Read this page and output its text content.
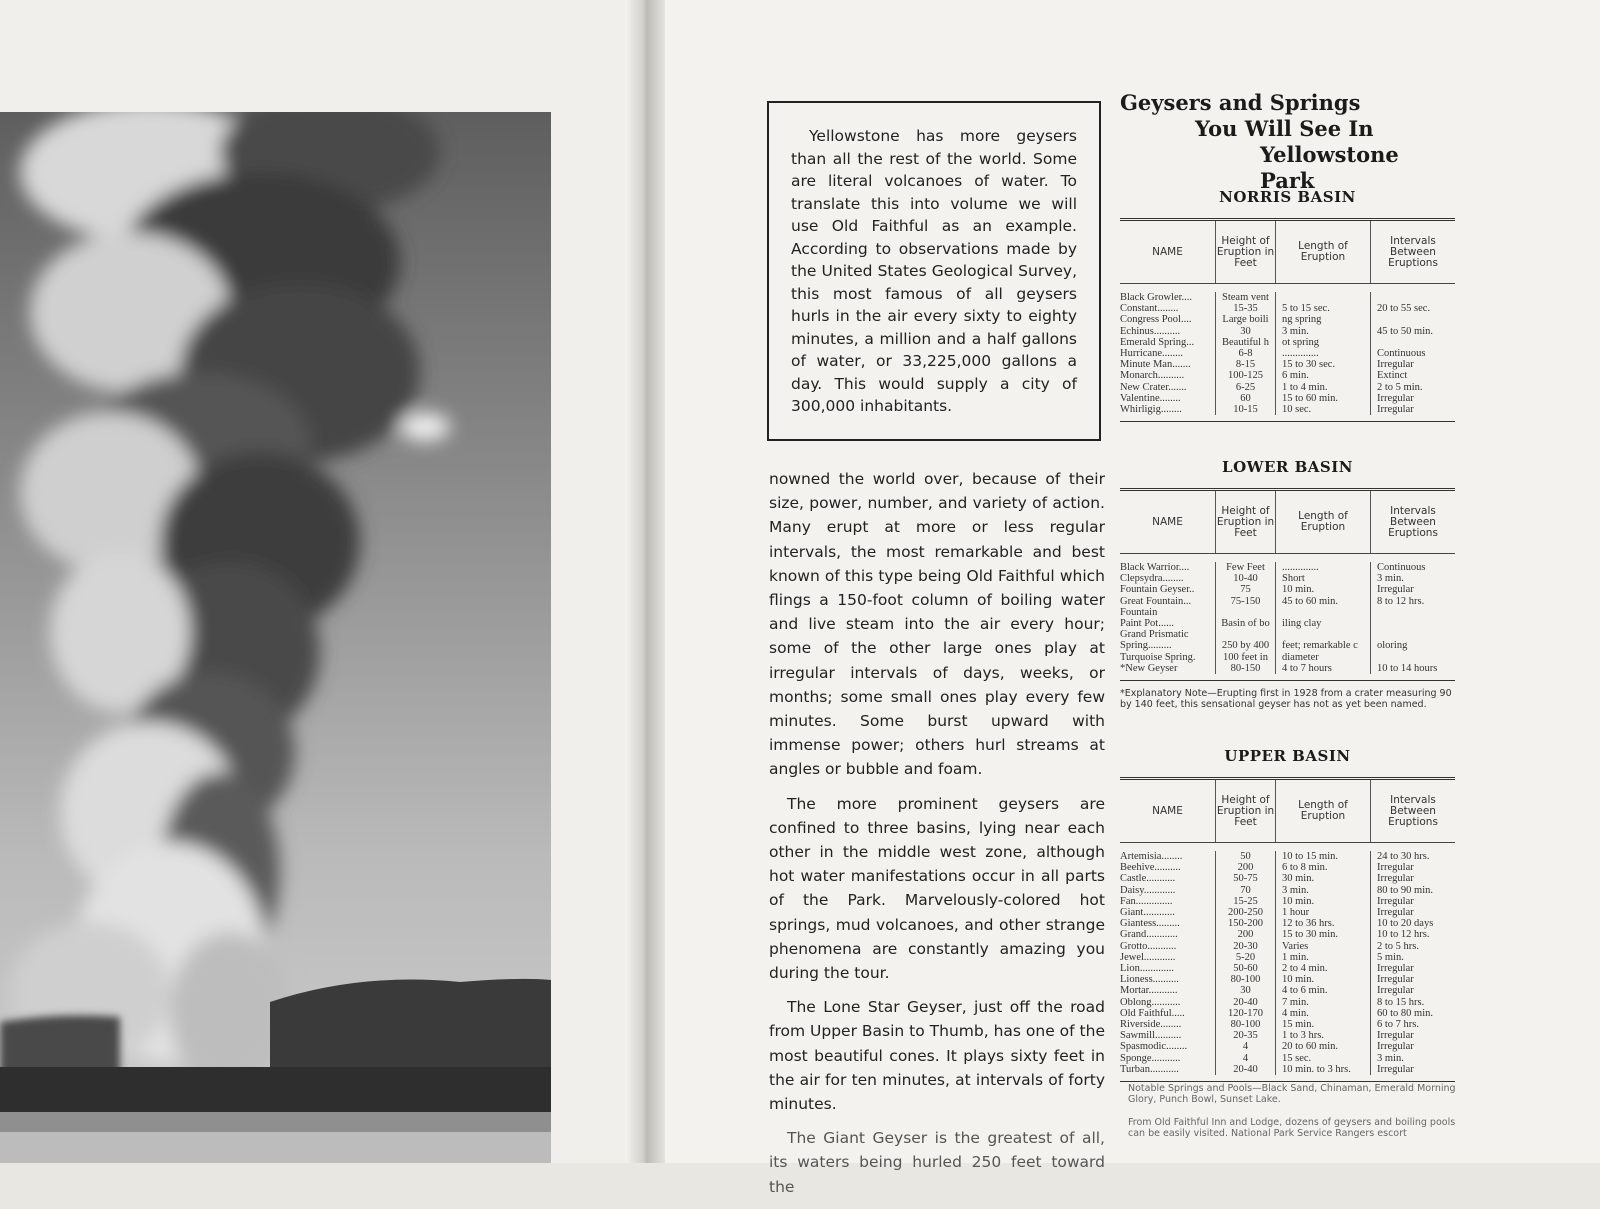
Yellowstone has more geysers than all the rest of the world. Some are literal volcanoes of water. To translate this into volume we will use Old Faithful as an example. According to observations made by the United States Geological Survey, this most famous of all geysers hurls in the air every sixty to eighty minutes, a million and a half gallons of water, or 33,225,000 gallons a day. This would supply a city of 300,000 inhabitants.

nowned the world over, because of their size, power, number, and variety of action. Many erupt at more or less regular intervals, the most remarkable and best known of this type being Old Faithful which flings a 150-foot column of boiling water and live steam into the air every hour; some of the other large ones play at irregular intervals of days, weeks, or months; some small ones play every few minutes. Some burst upward with immense power; others hurl streams at angles or bubble and foam.

The more prominent geysers are confined to three basins, lying near each other in the middle west zone, although hot water manifestations occur in all parts of the Park. Marvelously-colored hot springs, mud volcanoes, and other strange phenomena are constantly amazing you during the tour.

The Lone Star Geyser, just off the road from Upper Basin to Thumb, has one of the most beautiful cones. It plays sixty feet in the air for ten minutes, at intervals of forty minutes.

The Giant Geyser is the greatest of all, its waters being hurled 250 feet toward the

Geysers and Springs
You Will See In
Yellowstone Park
NORRIS BASIN
NAME
Height of Eruption in Feet
Length of Eruption
Intervals Between Eruptions
Black Growler....
Constant........
Congress Pool....
Echinus..........
Emerald Spring...
Hurricane........
Minute Man.......
Monarch..........
New Crater.......
Valentine........
Whirligig........
Steam vent
15-35
Large boili
30
Beautiful h
6-8
8-15
100-125
6-25
60
10-15

5 to 15 sec.
ng spring
3 min.
ot spring
..............
15 to 30 sec.
6 min.
1 to 4 min.
15 to 60 min.
10 sec.

20 to 55 sec.

45 to 50 min.

Continuous
Irregular
Extinct
2 to 5 min.
Irregular
Irregular
LOWER BASIN
NAME
Height of Eruption in Feet
Length of Eruption
Intervals Between Eruptions
Black Warrior....
Clepsydra........
Fountain Geyser..
Great Fountain...
Fountain
Paint Pot......
Grand Prismatic
Spring.........
Turquoise Spring.
*New Geyser
Few Feet
10-40
75
75-150

Basin of bo

250 by 400
100 feet in
80-150
..............
Short
10 min.
45 to 60 min.

iling clay

feet; remarkable c
diameter
4 to 7 hours
Continuous
3 min.
Irregular
8 to 12 hrs.

oloring

10 to 14 hours
*Explanatory Note—Erupting first in 1928 from a crater measuring 90 by 140 feet, this sensational geyser has not as yet been named.
UPPER BASIN
NAME
Height of Eruption in Feet
Length of Eruption
Intervals Between Eruptions
Artemisia........
Beehive..........
Castle...........
Daisy............
Fan..............
Giant............
Giantess.........
Grand............
Grotto...........
Jewel............
Lion.............
Lioness..........
Mortar...........
Oblong...........
Old Faithful.....
Riverside........
Sawmill..........
Spasmodic........
Sponge...........
Turban...........
50
200
50-75
70
15-25
200-250
150-200
200
20-30
5-20
50-60
80-100
30
20-40
120-170
80-100
20-35
4
4
20-40
10 to 15 min.
6 to 8 min.
30 min.
3 min.
10 min.
1 hour
12 to 36 hrs.
15 to 30 min.
Varies
1 min.
2 to 4 min.
10 min.
4 to 6 min.
7 min.
4 min.
15 min.
1 to 3 hrs.
20 to 60 min.
15 sec.
10 min. to 3 hrs.
24 to 30 hrs.
Irregular
Irregular
80 to 90 min.
Irregular
Irregular
10 to 20 days
10 to 12 hrs.
2 to 5 hrs.
5 min.
Irregular
Irregular
Irregular
8 to 15 hrs.
60 to 80 min.
6 to 7 hrs.
Irregular
Irregular
3 min.
Irregular
Notable Springs and Pools—Black Sand, Chinaman, Emerald Morning Glory, Punch Bowl, Sunset Lake.
From Old Faithful Inn and Lodge, dozens of geysers and boiling pools can be easily visited. National Park Service Rangers escort
